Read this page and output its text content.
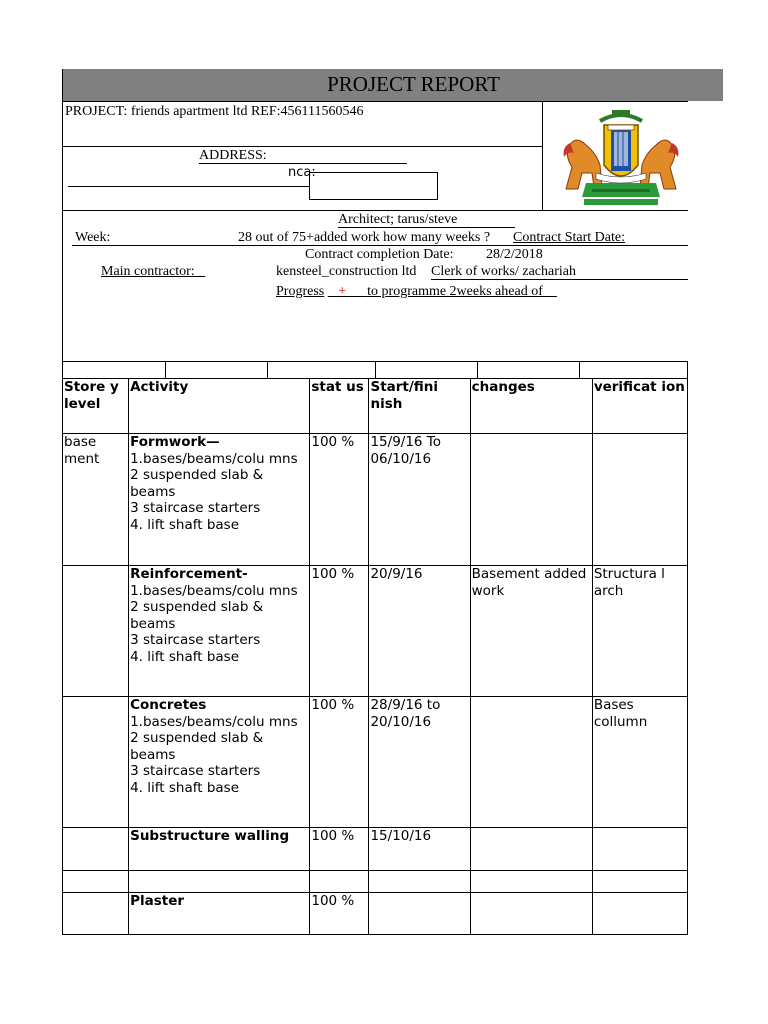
PROJECT REPORT
PROJECT: friends apartment ltd REF:456111560546
ADDRESS:
nca:
Architect; tarus/steve
Week:	28 out of 75+added work how many weeks ? Contract Start Date:
Contract completion Date: 28/2/2018
Main contractor: _	kensteel_construction ltd Clerk of works/ zachariah
Progress + to programme 2weeks ahead of
Store y level	Activity	stat us	Start/fini nish	changes	verificat ion
base ment	Formwork—
1.bases/beams/colu mns
2 suspended slab & beams
3 staircase starters
4. lift shaft base	100 %	15/9/16 To 06/10/16		

	Reinforcement-
1.bases/beams/colu mns
2 suspended slab & beams
3 staircase starters
4. lift shaft base	100 %	20/9/16	Basement added work	Structura l arch

	Concretes
1.bases/beams/colu mns
2 suspended slab & beams
3 staircase starters
4. lift shaft base	100 %	28/9/16 to 20/10/16		Bases collumn

	Substructure walling	100 %	15/10/16		

	Plaster	100 %			
